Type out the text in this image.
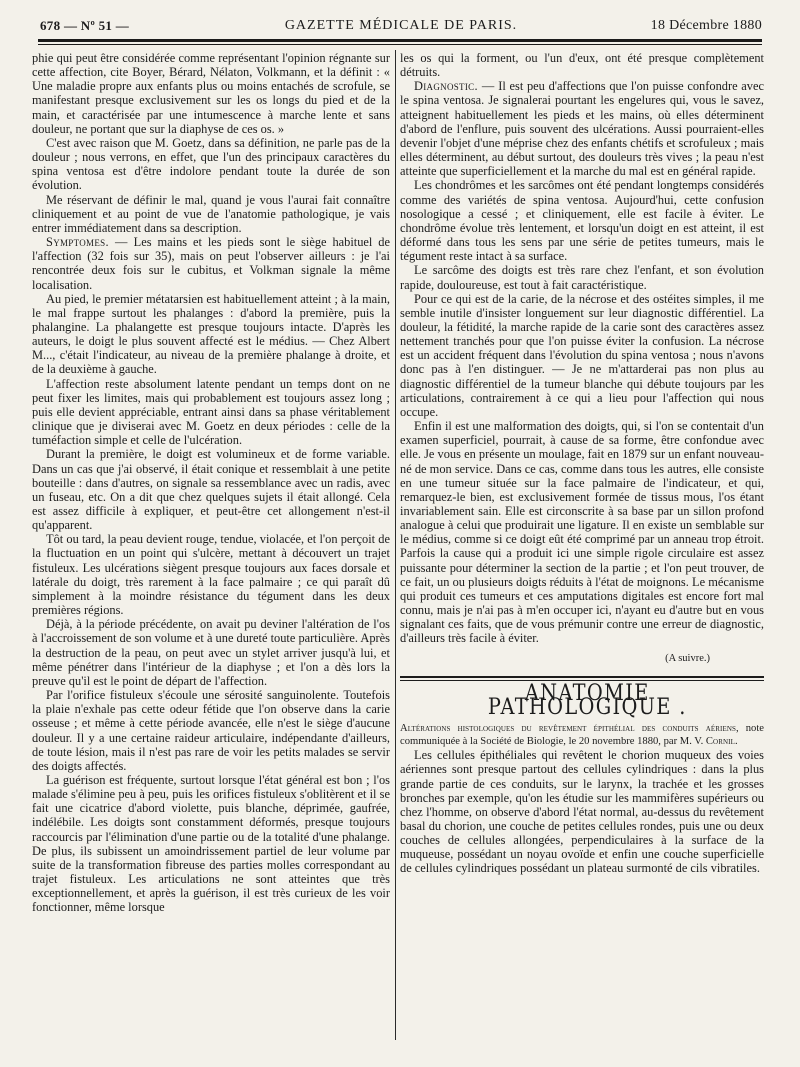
678 — Nº 51 —	GAZETTE MÉDICALE DE PARIS.	18 Décembre 1880

phie qui peut être considérée comme représentant l'opinion régnante sur cette affection, cite Boyer, Bérard, Nélaton, Volkmann, et la définit : « Une maladie propre aux enfants plus ou moins entachés de scrofule, se manifestant presque exclusivement sur les os longs du pied et de la main, et caractérisée par une intumescence à marche lente et sans douleur, ne portant que sur la diaphyse de ces os. »

C'est avec raison que M. Goetz, dans sa définition, ne parle pas de la douleur ; nous verrons, en effet, que l'un des principaux caractères du spina ventosa est d'être indolore pendant toute la durée de son évolution.

Me réservant de définir le mal, quand je vous l'aurai fait connaître cliniquement et au point de vue de l'anatomie pathologique, je vais entrer immédiatement dans sa description.

Symptomes. — Les mains et les pieds sont le siège habituel de l'affection (32 fois sur 35), mais on peut l'observer ailleurs : je l'ai rencontrée deux fois sur le cubitus, et Volkman signale la même localisation.

Au pied, le premier métatarsien est habituellement atteint ; à la main, le mal frappe surtout les phalanges : d'abord la première, puis la phalangine. La phalangette est presque toujours intacte. D'après les auteurs, le doigt le plus souvent affecté est le médius. — Chez Albert M..., c'était l'indicateur, au niveau de la première phalange à droite, et de la deuxième à gauche.

L'affection reste absolument latente pendant un temps dont on ne peut fixer les limites, mais qui probablement est toujours assez long ; puis elle devient appréciable, entrant ainsi dans sa phase véritablement clinique que je diviserai avec M. Goetz en deux périodes : celle de la tuméfaction simple et celle de l'ulcération.

Durant la première, le doigt est volumineux et de forme variable. Dans un cas que j'ai observé, il était conique et ressemblait à une petite bouteille : dans d'autres, on signale sa ressemblance avec un radis, avec un fuseau, etc. On a dit que chez quelques sujets il était allongé. Cela est assez difficile à expliquer, et peut-être cet allongement n'est-il qu'apparent.

Tôt ou tard, la peau devient rouge, tendue, violacée, et l'on perçoit de la fluctuation en un point qui s'ulcère, mettant à découvert un trajet fistuleux. Les ulcérations siègent presque toujours aux faces dorsale et latérale du doigt, très rarement à la face palmaire ; ce qui paraît dû simplement à la moindre résistance du tégument dans les deux premières régions.

Déjà, à la période précédente, on avait pu deviner l'altération de l'os à l'accroissement de son volume et à une dureté toute particulière. Après la destruction de la peau, on peut avec un stylet arriver jusqu'à lui, et même pénétrer dans l'intérieur de la diaphyse ; et l'on a dès lors la preuve qu'il est le point de départ de l'affection.

Par l'orifice fistuleux s'écoule une sérosité sanguinolente. Toutefois la plaie n'exhale pas cette odeur fétide que l'on observe dans la carie osseuse ; et même à cette période avancée, elle n'est le siège d'aucune douleur. Il y a une certaine raideur articulaire, indépendante d'ailleurs, de toute lésion, mais il n'est pas rare de voir les petits malades se servir des doigts affectés.

La guérison est fréquente, surtout lorsque l'état général est bon ; l'os malade s'élimine peu à peu, puis les orifices fistuleux s'oblitèrent et il se fait une cicatrice d'abord violette, puis blanche, déprimée, gaufrée, indélébile. Les doigts sont constamment déformés, presque toujours raccourcis par l'élimination d'une partie ou de la totalité d'une phalange. De plus, ils subissent un amoindrissement partiel de leur volume par suite de la transformation fibreuse des parties molles correspondant au trajet fistuleux. Les articulations ne sont atteintes que très exceptionnellement, et après la guérison, il est très curieux de les voir fonctionner, même lorsque

les os qui la forment, ou l'un d'eux, ont été presque complètement détruits.

Diagnostic. — Il est peu d'affections que l'on puisse confondre avec le spina ventosa. Je signalerai pourtant les engelures qui, vous le savez, atteignent habituellement les pieds et les mains, où elles déterminent d'abord de l'enflure, puis souvent des ulcérations. Aussi pourraient-elles devenir l'objet d'une méprise chez des enfants chétifs et scrofuleux ; mais elles déterminent, au début surtout, des douleurs très vives ; la peau n'est atteinte que superficiellement et la marche du mal est en général rapide.

Les chondrômes et les sarcômes ont été pendant longtemps considérés comme des variétés de spina ventosa. Aujourd'hui, cette confusion nosologique a cessé ; et cliniquement, elle est facile à éviter. Le chondrôme évolue très lentement, et lorsqu'un doigt en est atteint, il est déformé dans tous les sens par une série de petites tumeurs, mais le tégument reste intact à sa surface.

Le sarcôme des doigts est très rare chez l'enfant, et son évolution rapide, douloureuse, est tout à fait caractéristique.

Pour ce qui est de la carie, de la nécrose et des ostéites simples, il me semble inutile d'insister longuement sur leur diagnostic différentiel. La douleur, la fétidité, la marche rapide de la carie sont des caractères assez nettement tranchés pour que l'on puisse éviter la confusion. La nécrose est un accident fréquent dans l'évolution du spina ventosa ; nous n'avons donc pas à l'en distinguer. — Je ne m'attarderai pas non plus au diagnostic différentiel de la tumeur blanche qui débute toujours par les articulations, contrairement à ce qui a lieu pour l'affection qui nous occupe.

Enfin il est une malformation des doigts, qui, si l'on se contentait d'un examen superficiel, pourrait, à cause de sa forme, être confondue avec elle. Je vous en présente un moulage, fait en 1879 sur un enfant nouveau-né de mon service. Dans ce cas, comme dans tous les autres, elle consiste en une tumeur située sur la face palmaire de l'indicateur, et qui, remarquez-le bien, est exclusivement formée de tissus mous, l'os étant invariablement sain. Elle est circonscrite à sa base par un sillon profond analogue à celui que produirait une ligature. Il en existe un semblable sur le médius, comme si ce doigt eût été comprimé par un anneau trop étroit. Parfois la cause qui a produit ici une simple rigole circulaire est assez puissante pour déterminer la section de la partie ; et l'on peut trouver, de ce fait, un ou plusieurs doigts réduits à l'état de moignons. Le mécanisme qui produit ces tumeurs et ces amputations digitales est encore fort mal connu, mais je n'ai pas à m'en occuper ici, n'ayant eu d'autre but en vous signalant ces faits, que de vous prémunir contre une erreur de diagnostic, d'ailleurs très facile à éviter.

(A suivre.)
ANATOMIE PATHOLOGIQUE .

Altérations histologiques du revêtement épithélial des conduits aériens, note communiquée à la Société de Biologie, le 20 novembre 1880, par M. V. Cornil.

Les cellules épithéliales qui revêtent le chorion muqueux des voies aériennes sont presque partout des cellules cylindriques : dans la plus grande partie de ces conduits, sur le larynx, la trachée et les grosses bronches par exemple, qu'on les étudie sur les mammifères supérieurs ou chez l'homme, on observe d'abord l'état normal, au-dessus du revêtement basal du chorion, une couche de petites cellules rondes, puis une ou deux couches de cellules allongées, perpendiculaires à la surface de la muqueuse, possédant un noyau ovoïde et enfin une couche superficielle de cellules cylindriques possédant un plateau surmonté de cils vibratiles.
